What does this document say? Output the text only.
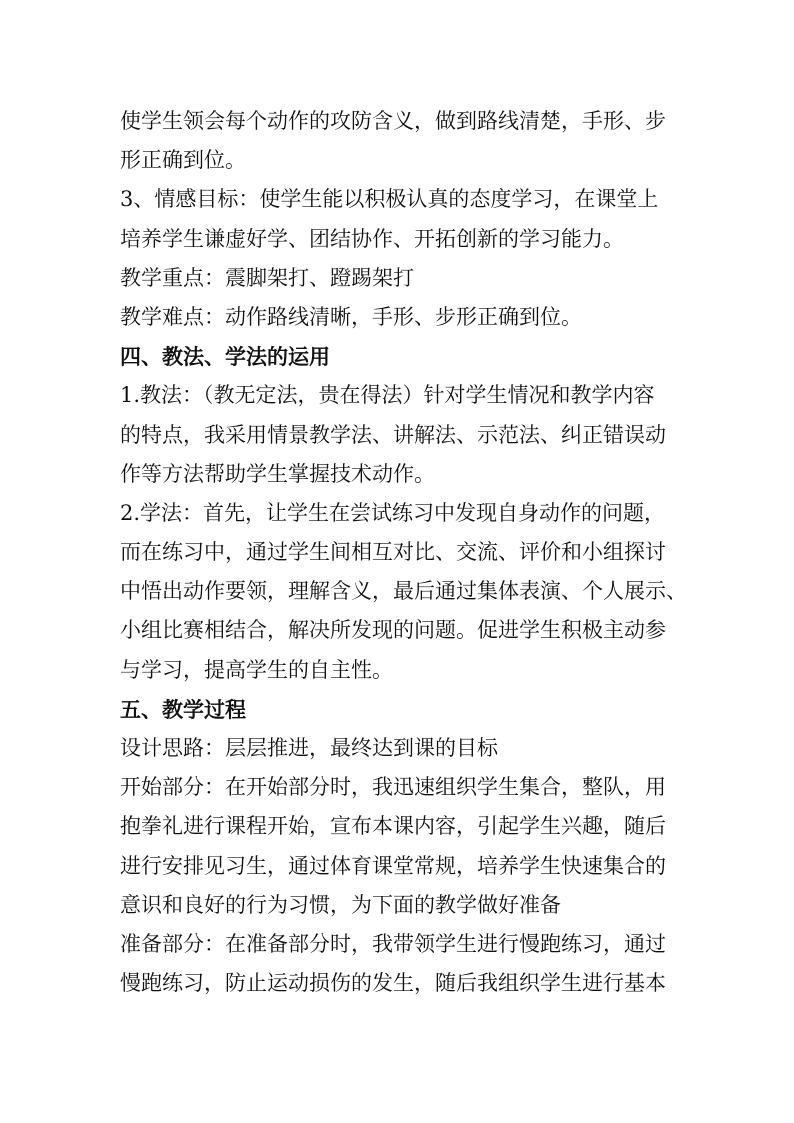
使学生领会每个动作的攻防含义，做到路线清楚，手形、步
形正确到位。
3、情感目标：使学生能以积极认真的态度学习，在课堂上
培养学生谦虚好学、团结协作、开拓创新的学习能力。
教学重点：震脚架打、蹬踢架打
教学难点：动作路线清晰，手形、步形正确到位。
四、教法、学法的运用
1.教法：（教无定法，贵在得法）针对学生情况和教学内容
的特点，我采用情景教学法、讲解法、示范法、纠正错误动
作等方法帮助学生掌握技术动作。
2.学法：首先，让学生在尝试练习中发现自身动作的问题，
而在练习中，通过学生间相互对比、交流、评价和小组探讨
中悟出动作要领，理解含义，最后通过集体表演、个人展示、
小组比赛相结合，解决所发现的问题。促进学生积极主动参
与学习，提高学生的自主性。
五、教学过程
设计思路：层层推进，最终达到课的目标
开始部分：在开始部分时，我迅速组织学生集合，整队，用
抱拳礼进行课程开始，宣布本课内容，引起学生兴趣，随后
进行安排见习生，通过体育课堂常规，培养学生快速集合的
意识和良好的行为习惯，为下面的教学做好准备
准备部分：在准备部分时，我带领学生进行慢跑练习，通过
慢跑练习，防止运动损伤的发生，随后我组织学生进行基本
